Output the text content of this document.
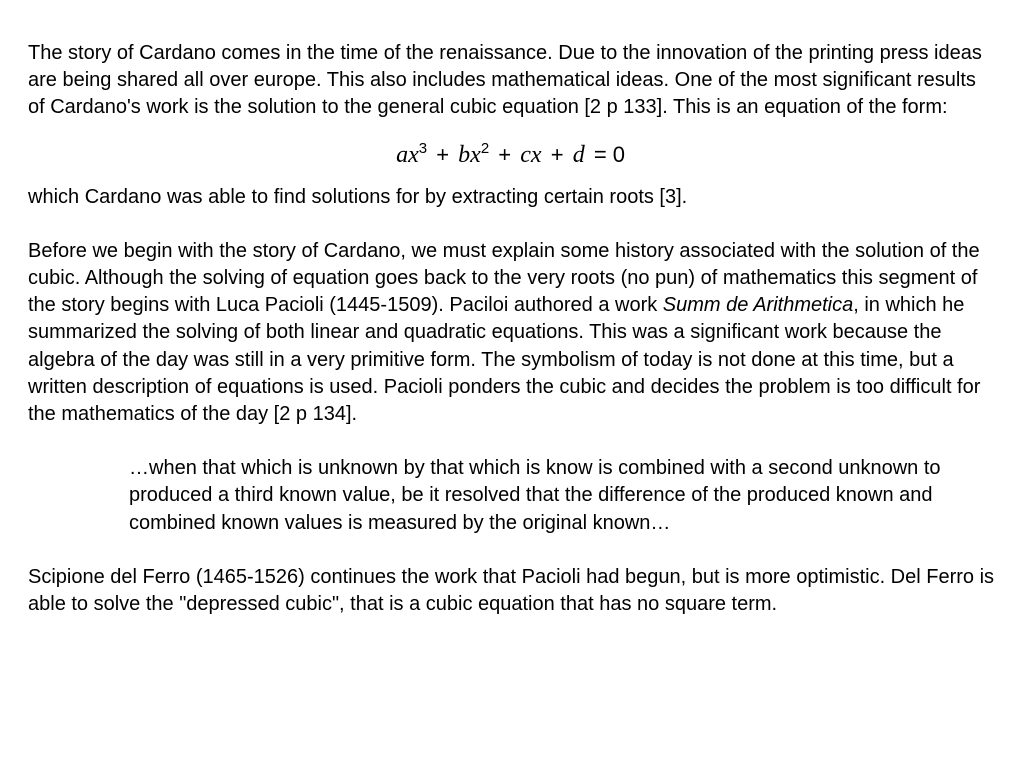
The story of Cardano comes in the time of the renaissance. Due to the innovation of the printing press ideas are being shared all over europe. This also includes mathematical ideas. One of the most significant results of Cardano's work is the solution to the general cubic equation [2 p 133]. This is an equation of the form:

$ax^3 + bx^2$ + cx + d = 0

which Cardano was able to find solutions for by extracting certain roots [3].

Before we begin with the story of Cardano, we must explain some history associated with the solution of the cubic. Although the solving of equation goes back to the very roots (no pun) of mathematics this segment of the story begins with Luca Pacioli (1445-1509). Paciloi authored a work Summ de Arithmetica, in which he summarized the solving of both linear and quadratic equations. This was a significant work because the algebra of the day was still in a very primitive form. The symbolism of today is not done at this time, but a written description of equations is used. Pacioli ponders the cubic and decides the problem is too difficult for the mathematics of the day [2 p 134].

…when that which is unknown by that which is know is combined with a second unknown to produced a third known value, be it resolved that the difference of the produced known and combined known values is measured by the original known…

Scipione del Ferro (1465-1526) continues the work that Pacioli had begun, but is more optimistic. Del Ferro is able to solve the "depressed cubic", that is a cubic equation that has no square term.
